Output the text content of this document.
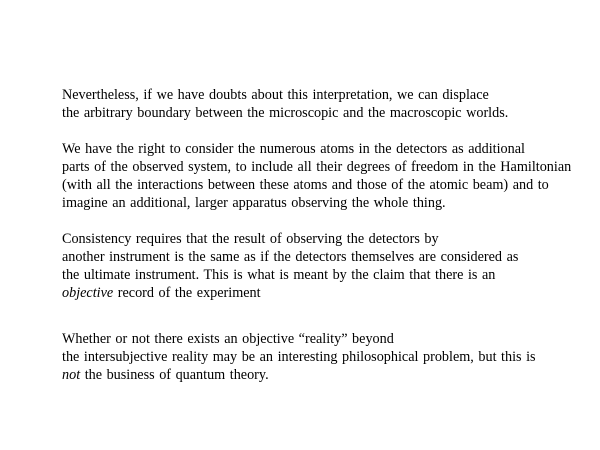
Nevertheless, if we have doubts about this interpretation, we can displace
the arbitrary boundary between the microscopic and the macroscopic worlds.
We have the right to consider the numerous atoms in the detectors as additional
parts of the observed system, to include all their degrees of freedom in the Hamiltonian
(with all the interactions between these atoms and those of the atomic beam) and to
imagine an additional, larger apparatus observing the whole thing.
Consistency requires that the result of observing the detectors by
another instrument is the same as if the detectors themselves are considered as
the ultimate instrument. This is what is meant by the claim that there is an
objective record of the experiment
Whether or not there exists an objective “reality” beyond
the intersubjective reality may be an interesting philosophical problem, but this is
not the business of quantum theory.
